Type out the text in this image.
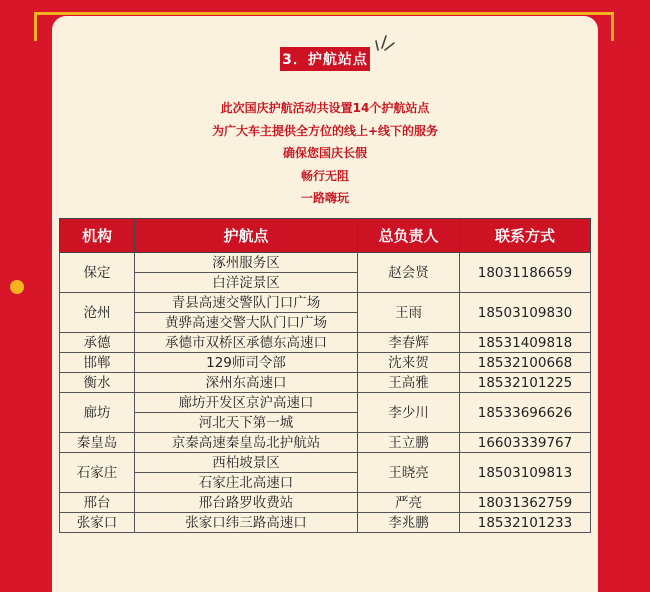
3．护航站点
此次国庆护航活动共设置14个护航站点
为广大车主提供全方位的线上+线下的服务
确保您国庆长假
畅行无阻
一路嗨玩
机构	护航点	总负责人	联系方式
保定	涿州服务区	赵会贤	18031186659
	白洋淀景区		
沧州	青县高速交警队门口广场	王雨	18503109830
	黄骅高速交警大队门口广场		
承德	承德市双桥区承德东高速口	李春辉	18531409818
邯郸	129师司令部	沈来贺	18532100668
衡水	深州东高速口	王高雅	18532101225
廊坊	廊坊开发区京沪高速口	李少川	18533696626
	河北天下第一城		
秦皇岛	京秦高速秦皇岛北护航站	王立鹏	16603339767
石家庄	西柏坡景区	王晓亮	18503109813
	石家庄北高速口		
邢台	邢台路罗收费站	严亮	18031362759
张家口	张家口纬三路高速口	李兆鹏	18532101233
